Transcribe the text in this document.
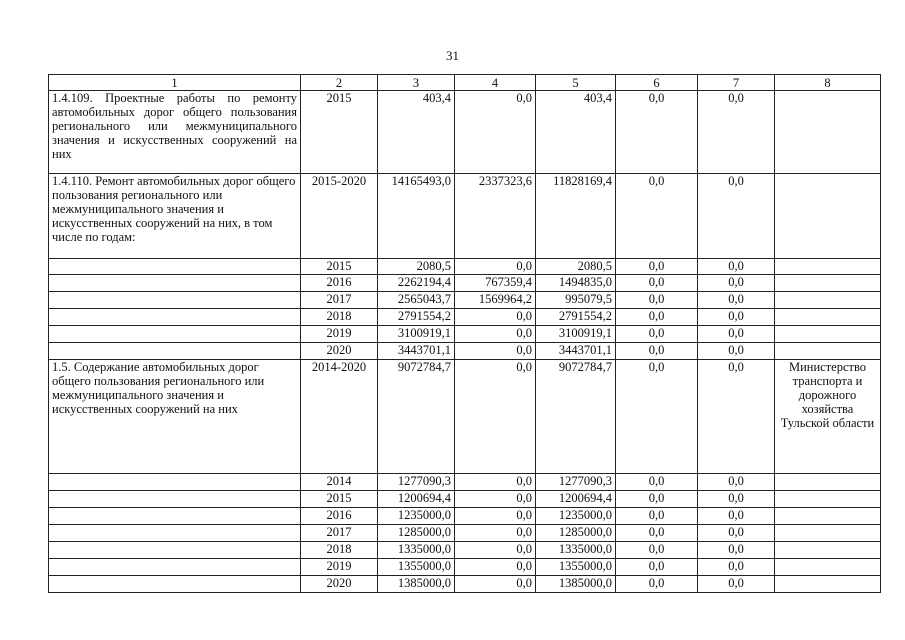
31
1	2	3	4	5	6	7	8
1.4.109. Проектные работы по ремонту автомобильных дорог общего пользования регионального или межмуниципального значения и искусственных сооружений на них	2015	403,4	0,0	403,4	0,0	0,0	
1.4.110. Ремонт автомобильных дорог общего пользования регионального или межмуниципального значения и искусственных сооружений на них, в том числе по годам:	2015-2020	14165493,0	2337323,6	11828169,4	0,0	0,0	
	2015	2080,5	0,0	2080,5	0,0	0,0	
	2016	2262194,4	767359,4	1494835,0	0,0	0,0	
	2017	2565043,7	1569964,2	995079,5	0,0	0,0	
	2018	2791554,2	0,0	2791554,2	0,0	0,0	
	2019	3100919,1	0,0	3100919,1	0,0	0,0	
	2020	3443701,1	0,0	3443701,1	0,0	0,0	
1.5. Содержание автомобильных дорог общего пользования регионального или межмуниципального значения и искусственных сооружений на них	2014-2020	9072784,7	0,0	9072784,7	0,0	0,0	Министерство транспорта и дорожного хозяйства Тульской области
	2014	1277090,3	0,0	1277090,3	0,0	0,0	
	2015	1200694,4	0,0	1200694,4	0,0	0,0	
	2016	1235000,0	0,0	1235000,0	0,0	0,0	
	2017	1285000,0	0,0	1285000,0	0,0	0,0	
	2018	1335000,0	0,0	1335000,0	0,0	0,0	
	2019	1355000,0	0,0	1355000,0	0,0	0,0	
	2020	1385000,0	0,0	1385000,0	0,0	0,0	
